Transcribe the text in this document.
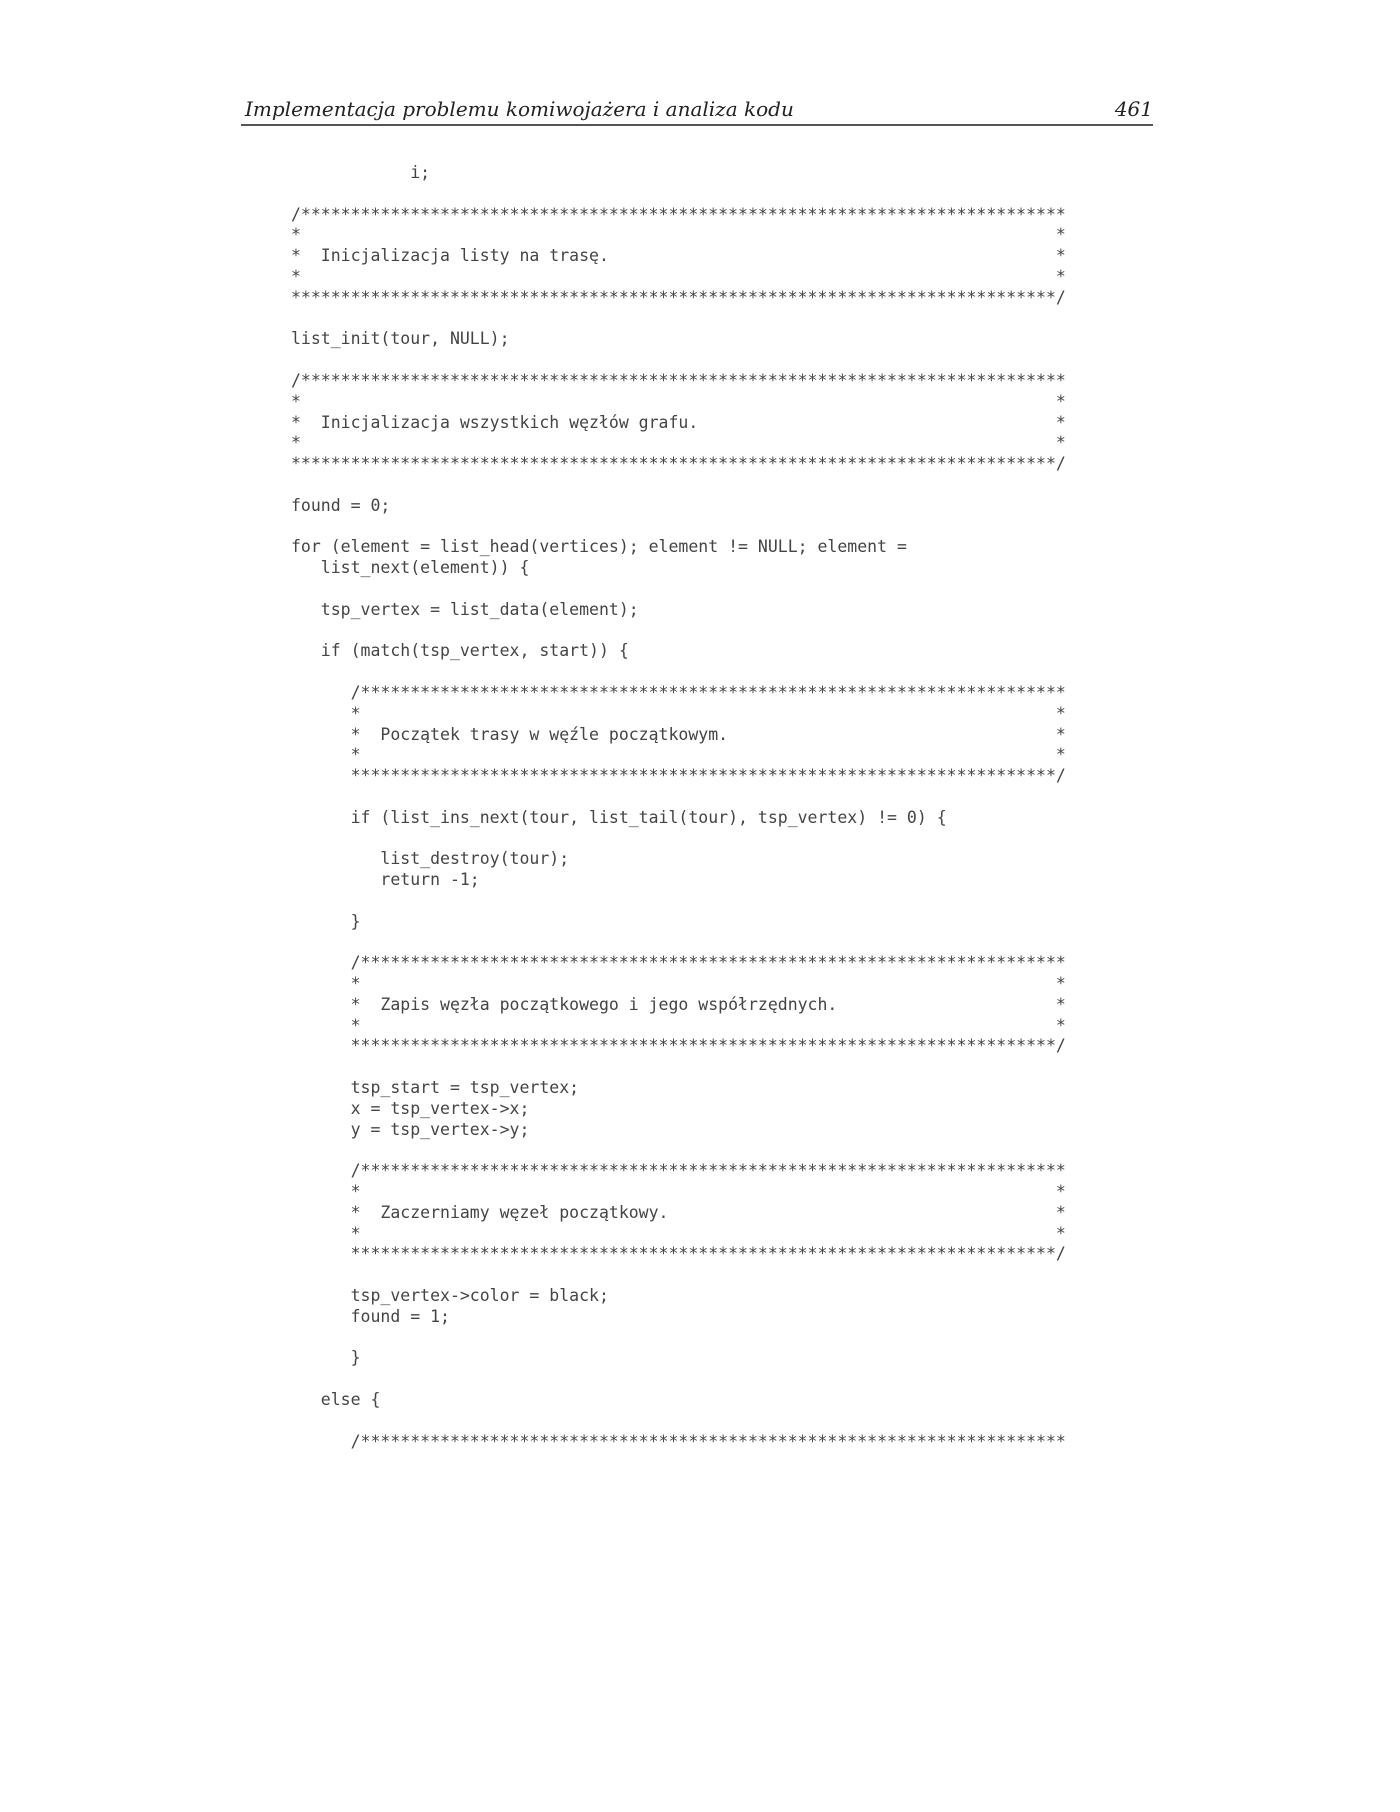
Implementacja problemu komiwojażera i analiza kodu	461
i;
/*****************************************************************************
*                                                                            *
*  Inicjalizacja listy na trasę.                                             *
*                                                                            *
*****************************************************************************/
list_init(tour, NULL);
/*****************************************************************************
*                                                                            *
*  Inicjalizacja wszystkich węzłów grafu.                                    *
*                                                                            *
*****************************************************************************/
found = 0;
for (element = list_head(vertices); element != NULL; element =
list_next(element)) {
tsp_vertex = list_data(element);
if (match(tsp_vertex, start)) {
/***********************************************************************
*                                                                      *
*  Początek trasy w węźle początkowym.                                 *
*                                                                      *
***********************************************************************/
if (list_ins_next(tour, list_tail(tour), tsp_vertex) != 0) {
list_destroy(tour);
return -1;
}
/***********************************************************************
*                                                                      *
*  Zapis węzła początkowego i jego współrzędnych.                      *
*                                                                      *
***********************************************************************/
tsp_start = tsp_vertex;
x = tsp_vertex->x;
y = tsp_vertex->y;
/***********************************************************************
*                                                                      *
*  Zaczerniamy węzeł początkowy.                                       *
*                                                                      *
***********************************************************************/
tsp_vertex->color = black;
found = 1;
}
else {
/***********************************************************************
